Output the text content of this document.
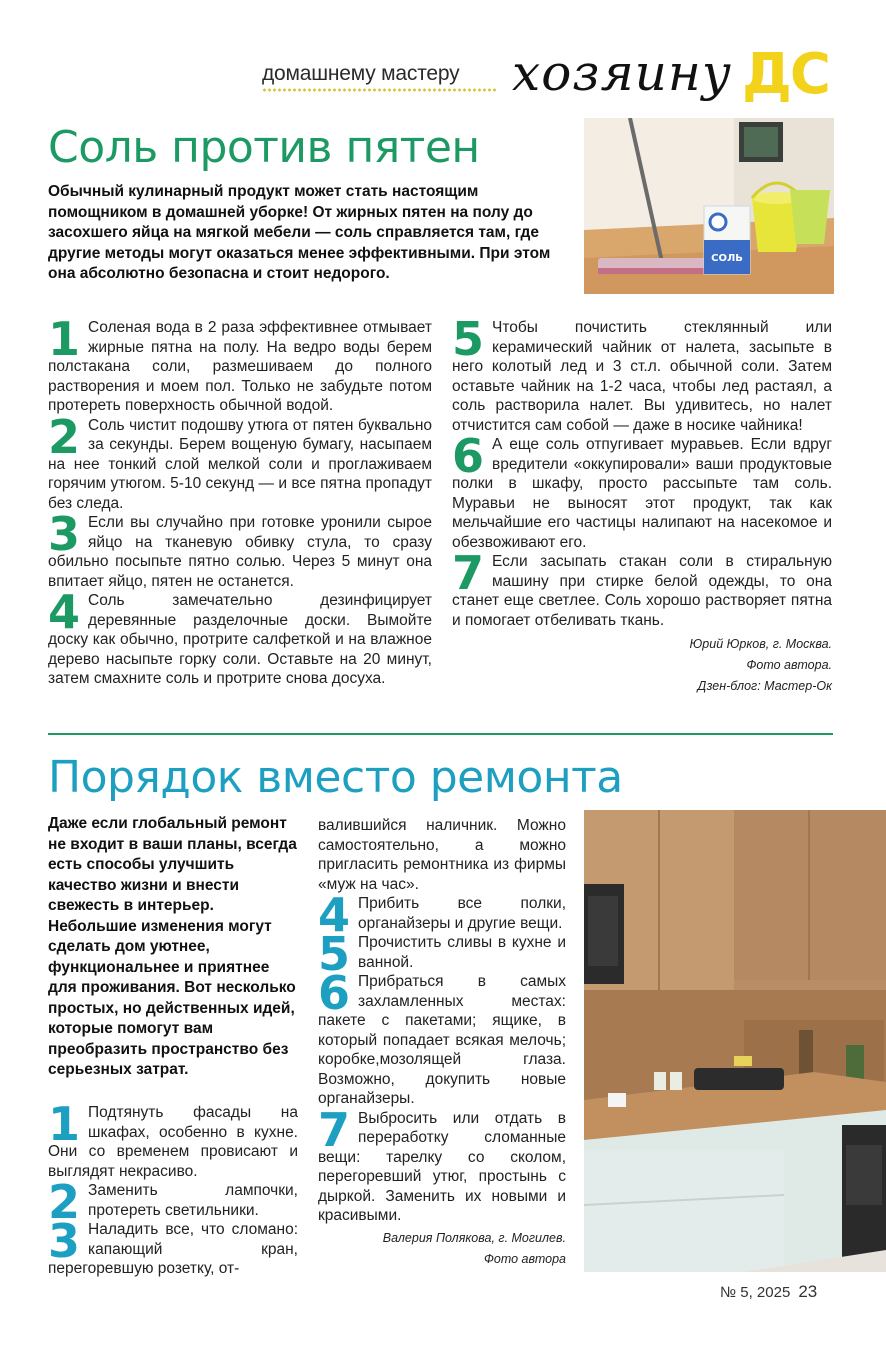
домашнему мастеру хозяину ДС
Соль против пятен

Обычный кулинарный продукт может стать настоящим помощником в домашней уборке! От жирных пятен на полу до засохшего яйца на мягкой мебели — соль справляется там, где другие методы могут оказаться менее эффективными. При этом она абсолютно безопасна и стоит недорого.

СОЛЬ
1 Соленая вода в 2 раза эффективнее отмывает жирные пятна на полу. На ведро воды берем полстакана соли, размешиваем до полного растворения и моем пол. Только не забудьте потом протереть поверхность обычной водой.
2 Соль чистит подошву утюга от пятен буквально за секунды. Берем вощеную бумагу, насыпаем на нее тонкий слой мелкой соли и проглаживаем горячим утюгом. 5-10 секунд — и все пятна пропадут без следа.
3 Если вы случайно при готовке уронили сырое яйцо на тканевую обивку стула, то сразу обильно посыпьте пятно солью. Через 5 минут она впитает яйцо, пятен не останется.
4 Соль замечательно дезинфицирует деревянные разделочные доски. Вымойте доску как обычно, протрите салфеткой и на влажное дерево насыпьте горку соли. Оставьте на 20 минут, затем смахните соль и протрите снова досуха.
5 Чтобы почистить стеклянный или керамический чайник от налета, засыпьте в него колотый лед и 3 ст.л. обычной соли. Затем оставьте чайник на 1-2 часа, чтобы лед растаял, а соль растворила налет. Вы удивитесь, но налет отчистится сам собой — даже в носике чайника!
6 А еще соль отпугивает муравьев. Если вдруг вредители «оккупировали» ваши продуктовые полки в шкафу, просто рассыпьте там соль. Муравьи не выносят этот продукт, так как мельчайшие его частицы налипают на насекомое и обезвоживают его.
7 Если засыпать стакан соли в стиральную машину при стирке белой одежды, то она станет еще светлее. Соль хорошо растворяет пятна и помогает отбеливать ткань.
Юрий Юрков, г. Москва.
Фото автора.
Дзен-блог: Мастер-Ок
Порядок вместо ремонта

Даже если глобальный ремонт не входит в ваши планы, всегда есть способы улучшить качество жизни и внести свежесть в интерьер. Небольшие изменения могут сделать дом уютнее, функциональнее и приятнее для проживания. Вот несколько простых, но действенных идей, которые помогут вам преобразить пространство без серьезных затрат.

1 Подтянуть фасады на шкафах, особенно в кухне. Они со временем провисают и выглядят некрасиво.
2 Заменить лампочки, протереть светильники.
3 Наладить все, что сломано: капающий кран, перегоревшую розетку, от-
валившийся наличник. Можно самостоятельно, а можно пригласить ремонтника из фирмы «муж на час».
4 Прибить все полки, органайзеры и другие вещи.
5 Прочистить сливы в кухне и ванной.
6 Прибраться в самых захламленных местах: пакете с пакетами; ящике, в который попадает всякая мелочь; коробке,мозолящей глаза. Возможно, докупить новые органайзеры.
7 Выбросить или отдать в переработку сломанные вещи: тарелку со сколом, перегоревший утюг, простынь с дыркой. Заменить их новыми и красивыми.
Валерия Полякова, г. Могилев.
Фото автора
№ 5, 2025 23
